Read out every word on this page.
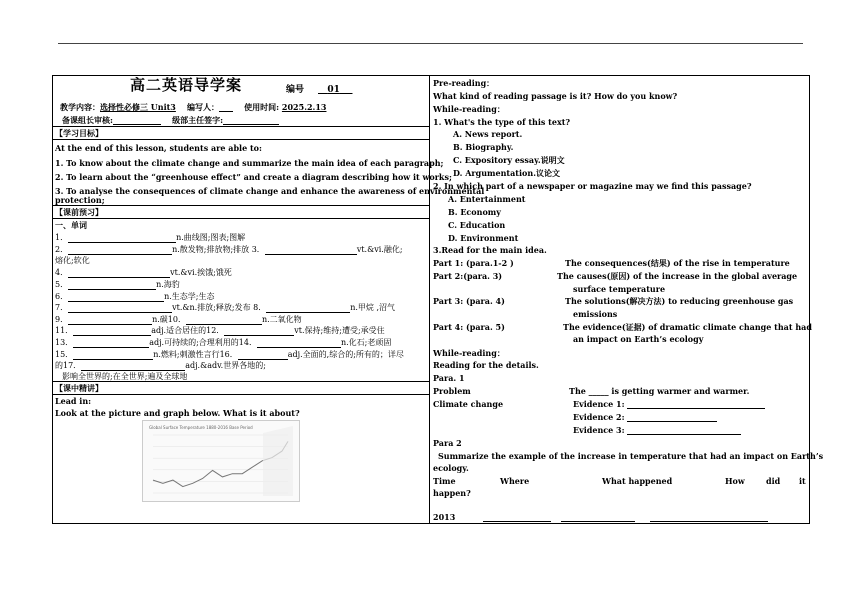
高二英语导学案	编号	01
教学内容：选择性必修三 Unit3 编写人：	使用时间: 2025.2.13
备课组长审核:	级部主任签字:
【学习目标】
At the end of this lesson, students are able to:
1. To know about the climate change and summarize the main idea of each paragraph;
2. To learn about the “greenhouse effect” and create a diagram describing how it works;
3. To analyse the consequences of climate change and enhance the awareness of environmental
protection;
【课前预习】
一、单词
1．	n.曲线图;图表;图解
2．	n.散发物;排放物;排放 3．	vt.&vi.融化;
熔化;软化
4．	vt.&vi.挨饿;饿死
5．	n.海豹
6．	n.生态学;生态
7．	vt.&n.排放;释放;发布 8．	n.甲烷 ,沼气
9．	n.碳10．	n.二氧化物
11．	adj.适合居住的12．	vt.保持;维持;遭受;承受住
13．	adj.可持续的;合理利用的14．	n.化石;老顽固
15．	n.燃料;刺激性言行16．	adj.全面的,综合的;所有的；详尽
的17．	adj.&adv.世界各地的;
影响全世界的;在全世界;遍及全球地
【课中精讲】
Lead in:
Look at the picture and graph below. What is it about?
Global Surface Temperature 1880-2016 Base Period
Pre-reading：
What kind of reading passage is it? How do you know?
While-reading：
1. What's the type of this text?
A. News report.
B. Biography.
C. Expository essay.说明文
D. Argumentation.议论文
2. In which part of a newspaper or magazine may we find this passage?
A. Entertainment
B. Economy
C. Education
D. Environment
3.Read for the main idea.
Part 1: (para.1-2 )	The consequences(结果) of the rise in temperature
Part 2:(para. 3)	The causes(原因) of the increase in the global average
surface temperature
Part 3: (para. 4)	The solutions(解决方法) to reducing greenhouse gas
emissions
Part 4: (para. 5)	The evidence(证据) of dramatic climate change that had
an impact on Earth’s ecology
While-reading：
Reading for the details.
Para. 1
Problem	The _____ is getting warmer and warmer.
Climate change	Evidence 1:
Evidence 2:
Evidence 3:
Para 2
Summarize the example of the increase in temperature that had an impact on Earth’s
ecology.
Time	Where	What happened	How	did it
happen?
2013
